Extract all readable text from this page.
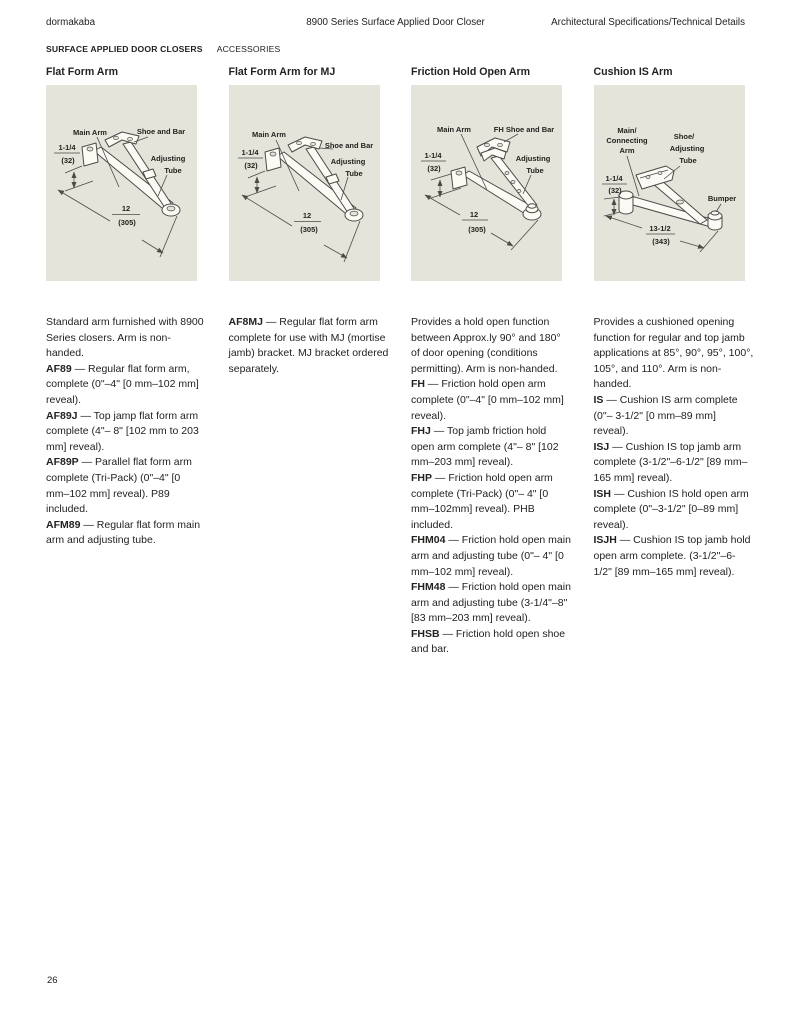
dormakaba	8900 Series Surface Applied Door Closer	Architectural Specifications/Technical Details
SURFACE APPLIED DOOR CLOSERS ACCESSORIES
Flat Form Arm
Main Arm	Shoe and Bar
Adjusting
Tube
1-1/4
(32)
12
(305)

Standard arm furnished with 8900 Series closers. Arm is non-handed.

AF89 — Regular flat form arm, complete (0"–4" [0 mm–102 mm] reveal).

AF89J — Top jamp flat form arm complete (4"– 8" [102 mm to 203 mm] reveal).

AF89P — Parallel flat form arm complete (Tri-Pack) (0"–4" [0 mm–102 mm] reveal). P89 included.

AFM89 — Regular flat form main arm and adjusting tube.

Flat Form Arm for MJ
Main Arm
Shoe and Bar
Adjusting
Tube
1-1/4
(32)
12
(305)

AF8MJ — Regular flat form arm complete for use with MJ (mortise jamb) bracket. MJ bracket ordered separately.

Friction Hold Open Arm
Main Arm	FH Shoe and Bar
Adjusting
Tube
1-1/4
(32)
12
(305)

Provides a hold open function between Approx.ly 90° and 180° of door opening (conditions permitting). Arm is non-handed.

FH — Friction hold open arm complete (0"–4" [0 mm–102 mm] reveal).

FHJ — Top jamb friction hold open arm complete (4"– 8" [102 mm–203 mm] reveal).

FHP — Friction hold open arm complete (Tri-Pack) (0"– 4" [0 mm–102mm] reveal). PHB included.

FHM04 — Friction hold open main arm and adjusting tube (0"– 4" [0 mm–102 mm] reveal).

FHM48 — Friction hold open main arm and adjusting tube (3-1/4"–8" [83 mm–203 mm] reveal).

FHSB — Friction hold open shoe and bar.

Cushion IS Arm
Main/
Connecting
Arm
Shoe/
Adjusting
Tube
Bumper
1-1/4
(32)
13-1/2
(343)

Provides a cushioned opening function for regular and top jamb applications at 85°, 90°, 95°, 100°, 105°, and 110°. Arm is non-handed.

IS — Cushion IS arm complete (0"– 3-1/2" [0 mm–89 mm] reveal).

ISJ — Cushion IS top jamb arm complete (3-1/2"–6-1/2" [89 mm–165 mm] reveal).

ISH — Cushion IS hold open arm complete (0"–3-1/2" [0–89 mm] reveal).

ISJH — Cushion IS top jamb hold open arm complete. (3-1/2"–6-1/2" [89 mm–165 mm] reveal).

26
